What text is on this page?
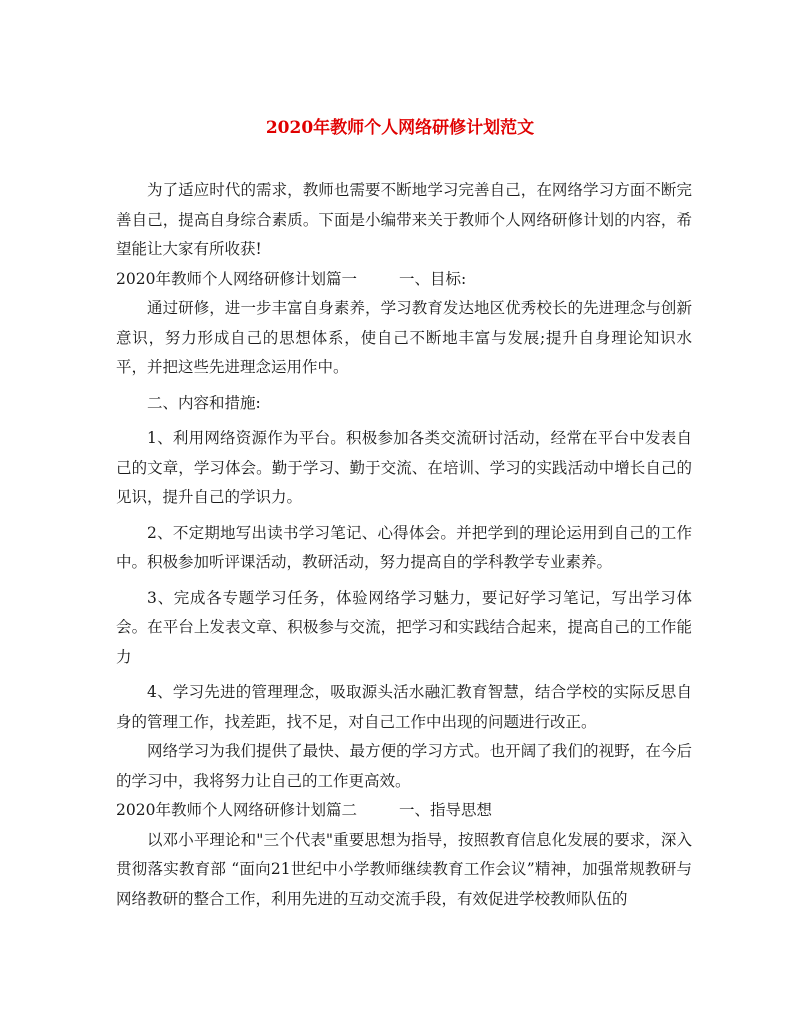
2020年教师个人网络研修计划范文

为了适应时代的需求，教师也需要不断地学习完善自己，在网络学习方面不断完善自己，提高自身综合素质。下面是小编带来关于教师个人网络研修计划的内容，希望能让大家有所收获!

2020年教师个人网络研修计划篇一	一、目标:

通过研修，进一步丰富自身素养，学习教育发达地区优秀校长的先进理念与创新意识，努力形成自己的思想体系，使自己不断地丰富与发展;提升自身理论知识水平，并把这些先进理念运用作中。

二、内容和措施:

1、利用网络资源作为平台。积极参加各类交流研讨活动，经常在平台中发表自己的文章，学习体会。勤于学习、勤于交流、在培训、学习的实践活动中增长自己的见识，提升自己的学识力。

2、不定期地写出读书学习笔记、心得体会。并把学到的理论运用到自己的工作中。积极参加听评课活动，教研活动，努力提高自的学科教学专业素养。

3、完成各专题学习任务，体验网络学习魅力，要记好学习笔记，写出学习体会。在平台上发表文章、积极参与交流，把学习和实践结合起来，提高自己的工作能力

4、学习先进的管理理念，吸取源头活水融汇教育智慧，结合学校的实际反思自身的管理工作，找差距，找不足，对自己工作中出现的问题进行改正。

网络学习为我们提供了最快、最方便的学习方式。也开阔了我们的视野，在今后的学习中，我将努力让自己的工作更高效。

2020年教师个人网络研修计划篇二	一、指导思想

以邓小平理论和"三个代表"重要思想为指导，按照教育信息化发展的要求，深入贯彻落实教育部 “面向21世纪中小学教师继续教育工作会议”精神，加强常规教研与网络教研的整合工作，利用先进的互动交流手段，有效促进学校教师队伍的
